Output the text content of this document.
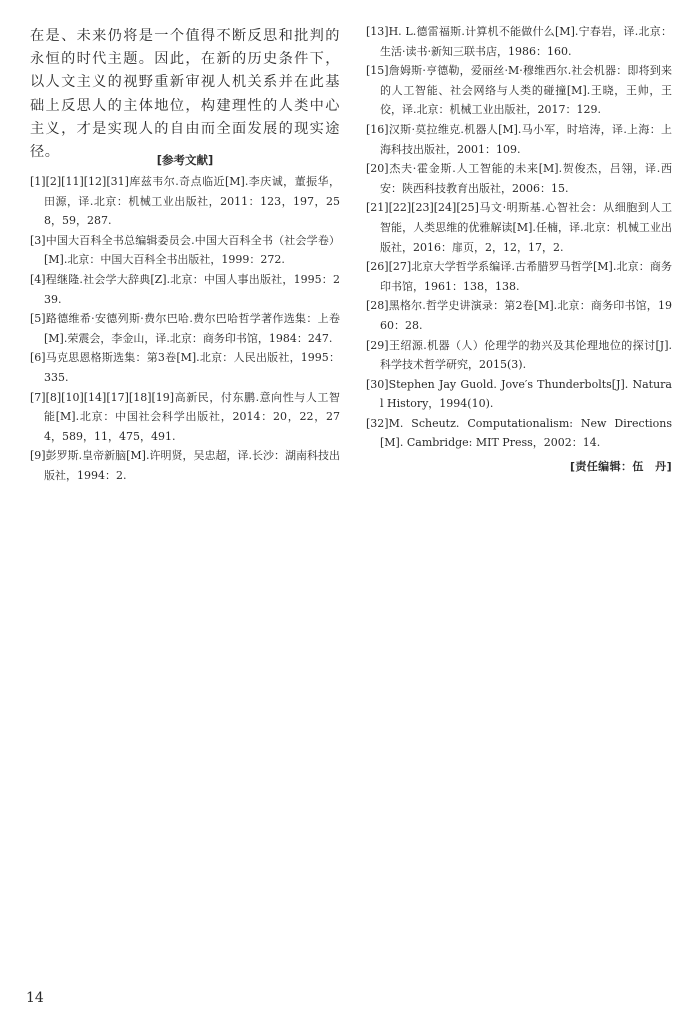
在是、未来仍将是一个值得不断反思和批判的永恒的时代主题。因此，在新的历史条件下，以人文主义的视野重新审视人机关系并在此基础上反思人的主体地位，构建理性的人类中心主义，才是实现人的自由而全面发展的现实途径。	[参考文献]
[1][2][11][12][31]库兹韦尔.奇点临近[M].李庆诚，董振华，田源，译.北京：机械工业出版社，2011：123，197，258，59，287.
[3]中国大百科全书总编辑委员会.中国大百科全书（社会学卷）[M].北京：中国大百科全书出版社，1999：272.
[4]程继隆.社会学大辞典[Z].北京：中国人事出版社，1995：239.
[5]路德维希·安德列斯·费尔巴哈.费尔巴哈哲学著作选集：上卷[M].荣震会，李金山，译.北京：商务印书馆，1984：247.
[6]马克思恩格斯选集：第3卷[M].北京：人民出版社，1995：335.
[7][8][10][14][17][18][19]高新民，付东鹏.意向性与人工智能[M].北京：中国社会科学出版社，2014：20，22，274，589，11，475，491.
[9]彭罗斯.皇帝新脑[M].许明贤，吴忠超，译.长沙：湖南科技出版社，1994：2.
[13]H. L.德雷福斯.计算机不能做什么[M].宁春岩，译.北京：生活·读书·新知三联书店，1986：160.
[15]詹姆斯·亨德勒，爱丽丝·M·穆维西尔.社会机器：即将到来的人工智能、社会网络与人类的碰撞[M].王晓，王帅，王佼，译.北京：机械工业出版社，2017：129.
[16]汉斯·莫拉维克.机器人[M].马小军，时培涛，译.上海：上海科技出版社，2001：109.
[20]杰夫·霍金斯.人工智能的未来[M].贺俊杰，吕翎，译.西安：陕西科技教育出版社，2006：15.
[21][22][23][24][25]马文·明斯基.心智社会：从细胞到人工智能，人类思维的优雅解读[M].任楠，译.北京：机械工业出版社，2016：扉页，2，12，17，2.
[26][27]北京大学哲学系编译.古希腊罗马哲学[M].北京：商务印书馆，1961：138，138.
[28]黑格尔.哲学史讲演录：第2卷[M].北京：商务印书馆，1960：28.
[29]王绍源.机器（人）伦理学的勃兴及其伦理地位的探讨[J].科学技术哲学研究，2015(3).
[30]Stephen Jay Guold. Jove′s Thunderbolts[J]. Natural History，1994(10).
[32]M. Scheutz. Computationalism: New Directions[M]. Cambridge: MIT Press，2002：14.
[责任编辑：伍　丹]
14
